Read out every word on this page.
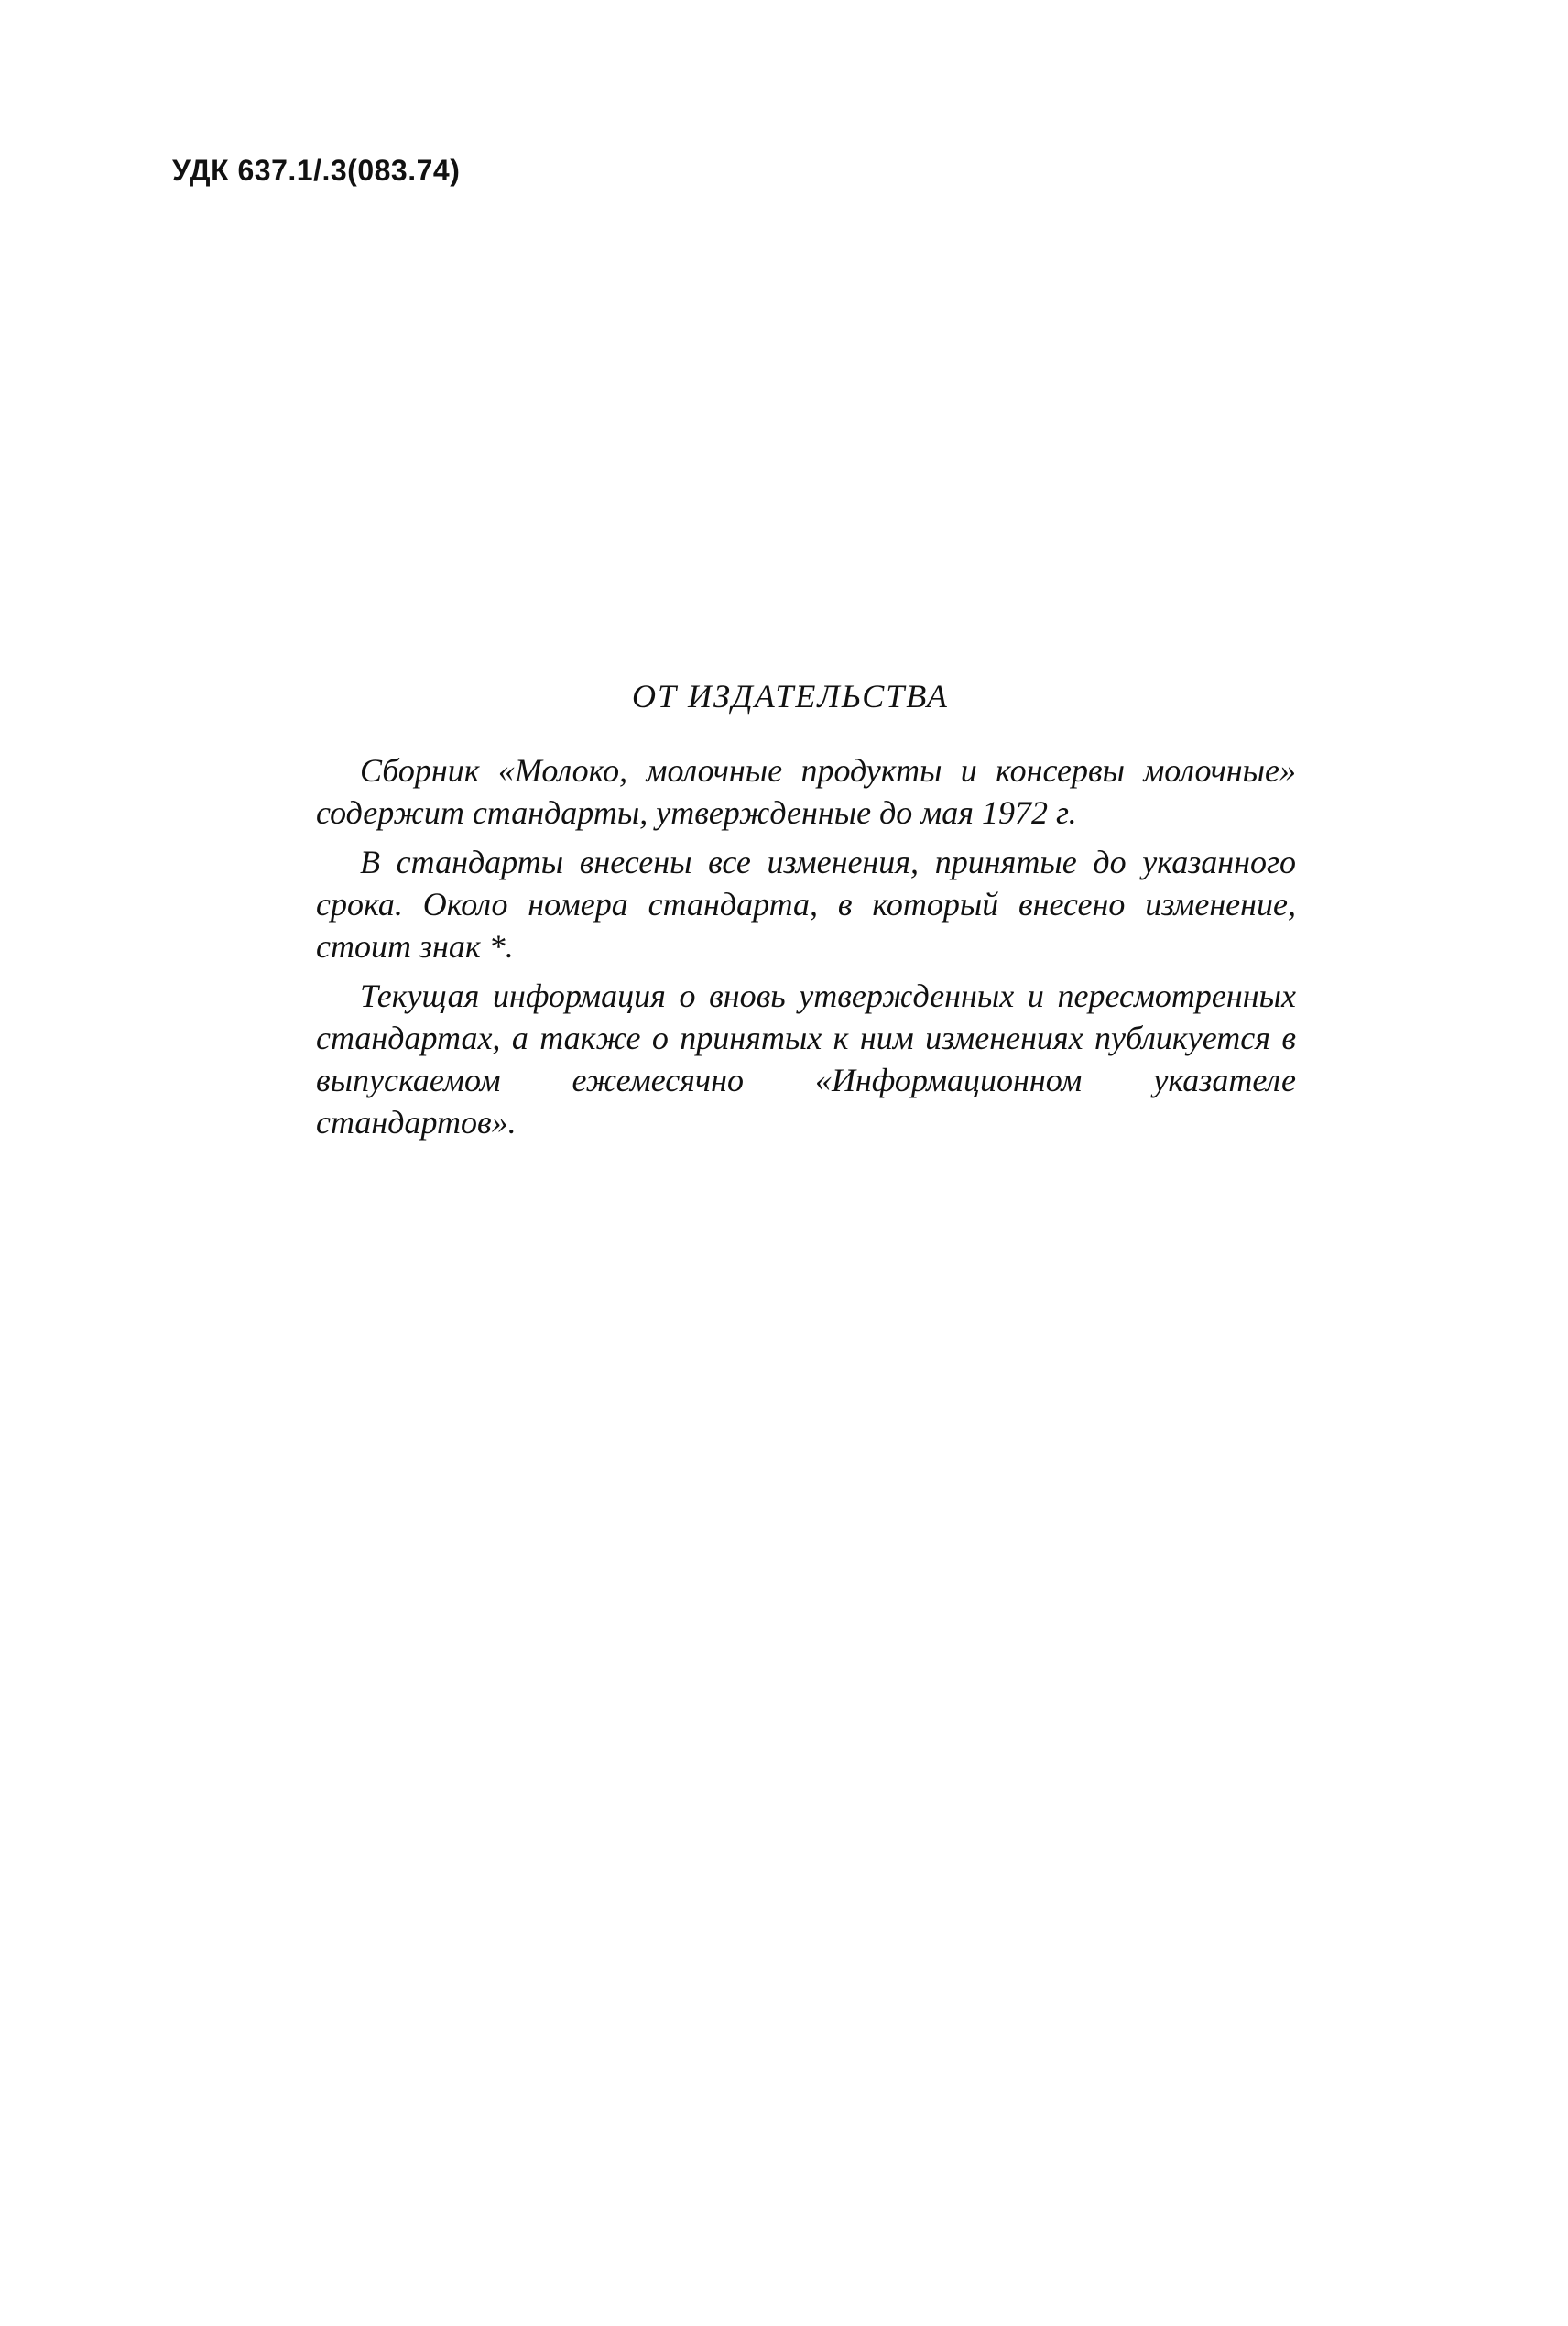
УДК 637.1/.3(083.74)
ОТ ИЗДАТЕЛЬСТВА

Сборник «Молоко, молочные продукты и консервы молочные» содержит стандарты, утвержденные до мая 1972 г.

В стандарты внесены все изменения, принятые до указанного срока. Около номера стандарта, в который внесено изменение, стоит знак *.

Текущая информация о вновь утвержденных и пересмотренных стандартах, а также о принятых к ним изменениях публикуется в выпускаемом ежемесячно «Информационном указателе стандартов».
